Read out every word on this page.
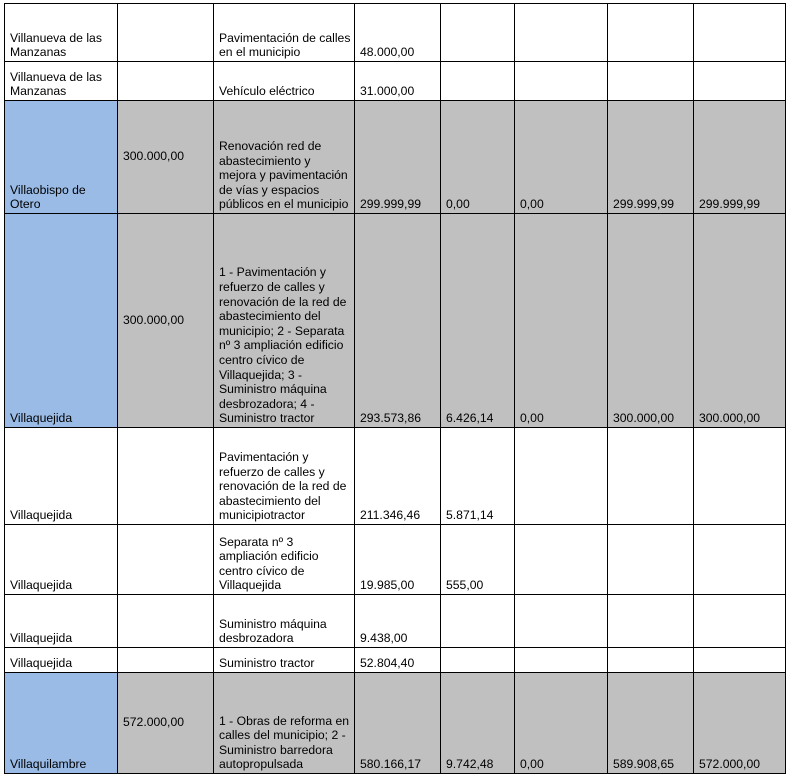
Villanueva de las Manzanas		Pavimentación de calles en el municipio	48.000,00				
Villanueva de las Manzanas		Vehículo eléctrico	31.000,00				
Villaobispo de Otero	300.000,00	Renovación red de abastecimiento y mejora y pavimentación de vías y espacios públicos en el municipio	299.999,99	0,00	0,00	299.999,99	299.999,99
Villaquejida	300.000,00	1 - Pavimentación y refuerzo de calles y renovación de la red de abastecimiento del municipio; 2 - Separata nº 3 ampliación edificio centro cívico de Villaquejida; 3 - Suministro máquina desbrozadora; 4 - Suministro tractor	293.573,86	6.426,14	0,00	300.000,00	300.000,00
Villaquejida		Pavimentación y refuerzo de calles y renovación de la red de abastecimiento del municipiotractor	211.346,46	5.871,14			
Villaquejida		Separata nº 3 ampliación edificio centro cívico de Villaquejida	19.985,00	555,00			
Villaquejida		Suministro máquina desbrozadora	9.438,00				
Villaquejida		Suministro tractor	52.804,40				
Villaquilambre	572.000,00	1 - Obras de reforma en calles del municipio; 2 - Suministro barredora autopropulsada	580.166,17	9.742,48	0,00	589.908,65	572.000,00
